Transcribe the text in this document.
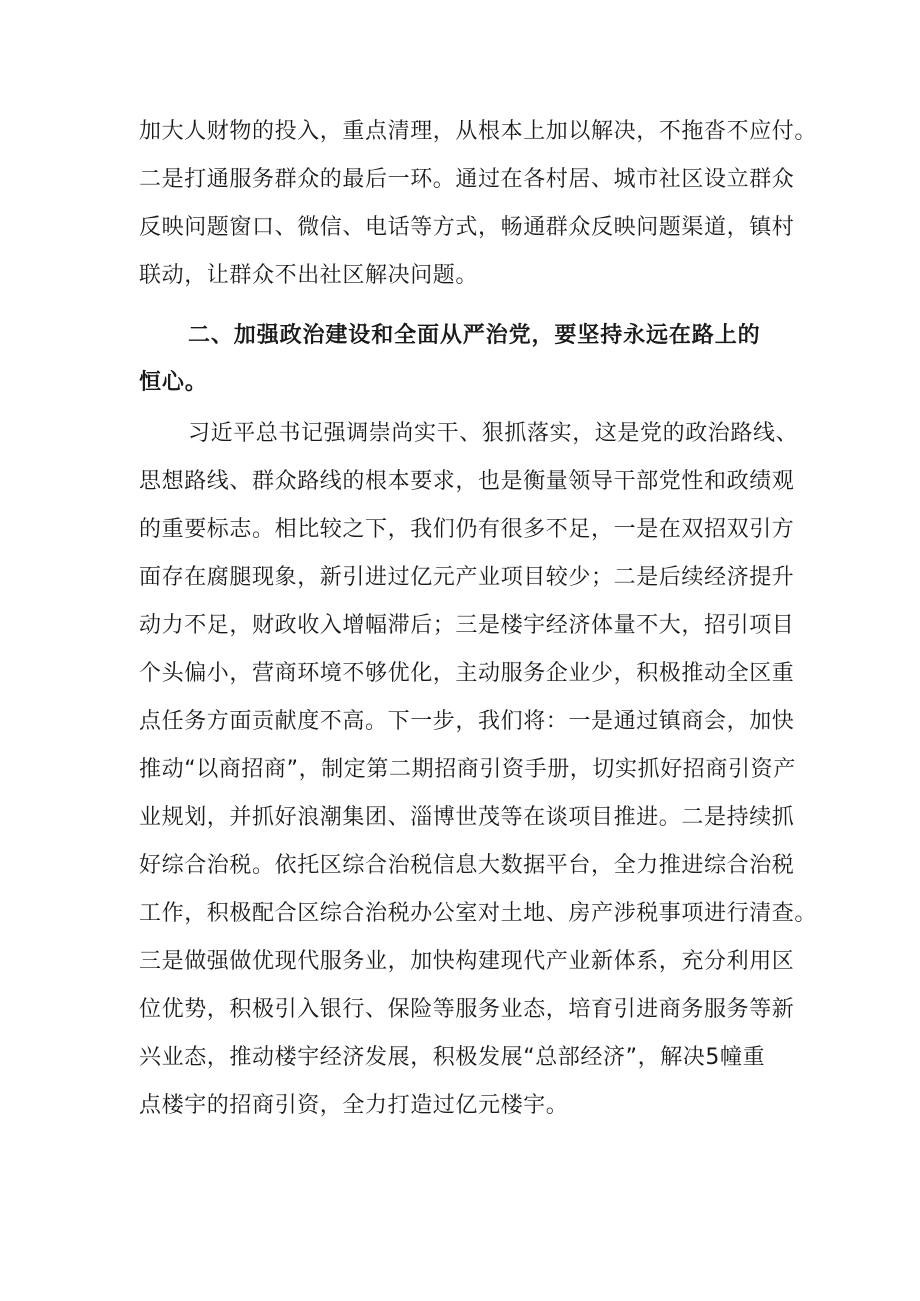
加大人财物的投入，重点清理，从根本上加以解决，不拖沓不应付。
二是打通服务群众的最后一环。通过在各村居、城市社区设立群众
反映问题窗口、微信、电话等方式，畅通群众反映问题渠道，镇村
联动，让群众不出社区解决问题。
二、加强政治建设和全面从严治党，要坚持永远在路上的
恒心。
习近平总书记强调崇尚实干、狠抓落实，这是党的政治路线、
思想路线、群众路线的根本要求，也是衡量领导干部党性和政绩观
的重要标志。相比较之下，我们仍有很多不足，一是在双招双引方
面存在腐腿现象，新引进过亿元产业项目较少；二是后续经济提升
动力不足，财政收入增幅滞后；三是楼宇经济体量不大，招引项目
个头偏小，营商环境不够优化，主动服务企业少，积极推动全区重
点任务方面贡献度不高。下一步，我们将：一是通过镇商会，加快
推动“以商招商”，制定第二期招商引资手册，切实抓好招商引资产
业规划，并抓好浪潮集团、淄博世茂等在谈项目推进。二是持续抓
好综合治税。依托区综合治税信息大数据平台，全力推进综合治税
工作，积极配合区综合治税办公室对土地、房产涉税事项进行清查。
三是做强做优现代服务业，加快构建现代产业新体系，充分利用区
位优势，积极引入银行、保险等服务业态，培育引进商务服务等新
兴业态，推动楼宇经济发展，积极发展“总部经济”，解决5幢重
点楼宇的招商引资，全力打造过亿元楼宇。
